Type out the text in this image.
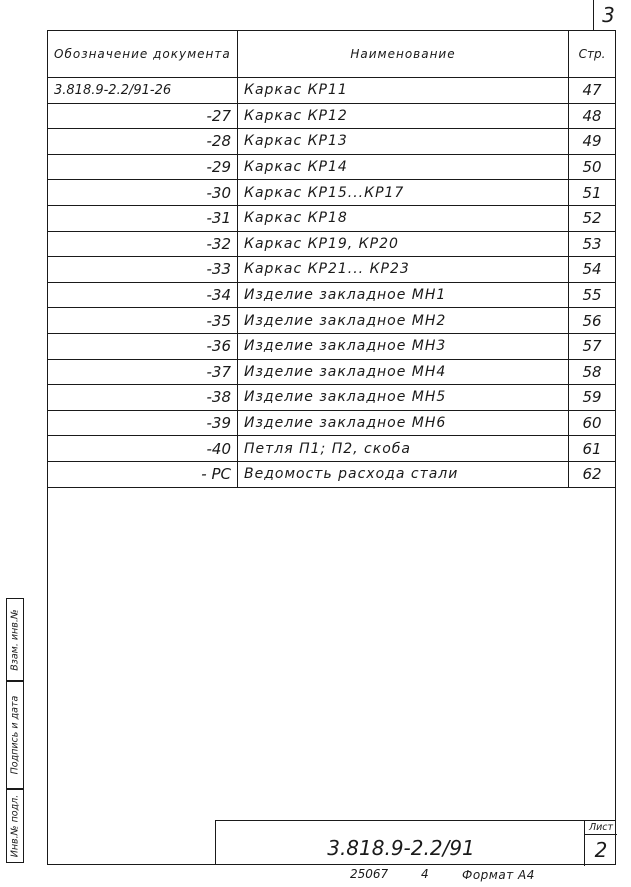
3
Обозначение документа	Наименование	Стр.
3.818.9-2.2/91-26	Каркас КР11	47
-27	Каркас КР12	48
-28	Каркас КР13	49
-29	Каркас КР14	50
-30	Каркас КР15...КР17	51
-31	Каркас КР18	52
-32	Каркас КР19, КР20	53
-33	Каркас КР21... КР23	54
-34	Изделие закладное МН1	55
-35	Изделие закладное МН2	56
-36	Изделие закладное МН3	57
-37	Изделие закладное МН4	58
-38	Изделие закладное МН5	59
-39	Изделие закладное МН6	60
-40	Петля П1; П2, скоба	61
- РС	Ведомость расхода стали	62

Взам. инв.№
Подпись и дата
Инв.№ подл.	3.818.9-2.2/91
Лист
2
25067	4	Формат А4
